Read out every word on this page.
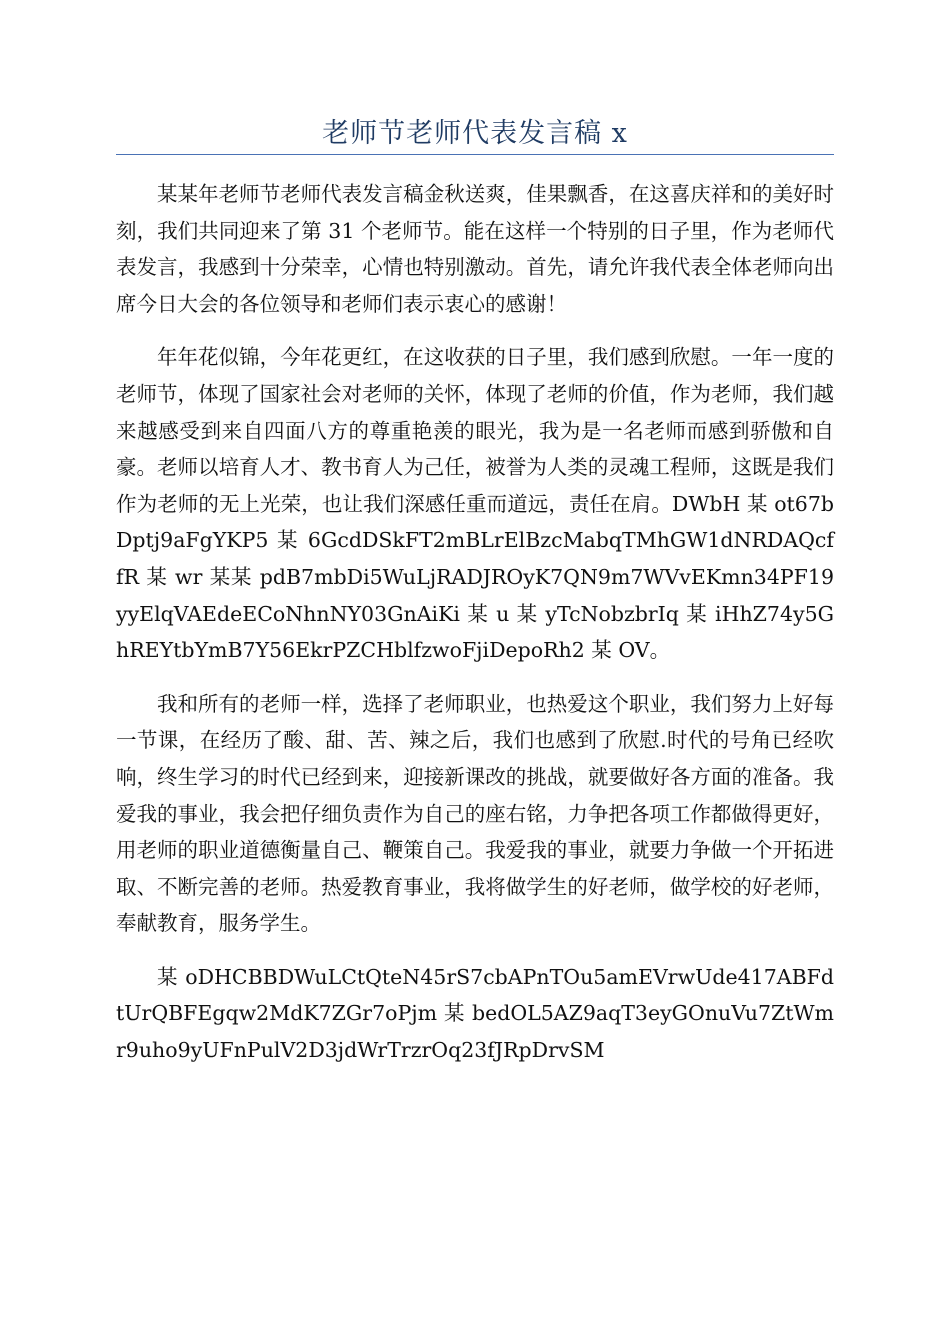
老师节老师代表发言稿 x

某某年老师节老师代表发言稿金秋送爽，佳果飘香，在这喜庆祥和的美好时刻，我们共同迎来了第 31 个老师节。能在这样一个特别的日子里，作为老师代表发言，我感到十分荣幸，心情也特别激动。首先，请允许我代表全体老师向出席今日大会的各位领导和老师们表示衷心的感谢！

年年花似锦，今年花更红，在这收获的日子里，我们感到欣慰。一年一度的老师节，体现了国家社会对老师的关怀，体现了老师的价值，作为老师，我们越来越感受到来自四面八方的尊重艳羡的眼光，我为是一名老师而感到骄傲和自豪。老师以培育人才、教书育人为己任，被誉为人类的灵魂工程师，这既是我们作为老师的无上光荣，也让我们深感任重而道远，责任在肩。DWbH 某 ot67bDptj9aFgYKP5 某 6GcdDSkFT2mBLrElBzcMabqTMhGW1dNRDAQcffR 某 wr 某某 pdB7mbDi5WuLjRADJROyK7QN9m7WVvEKmn34PF19yyElqVAEdeECoNhnNY03GnAiKi 某 u 某 yTcNobzbrIq 某 iHhZ74y5GhREYtbYmB7Y56EkrPZCHblfzwoFjiDepoRh2 某 OV。

我和所有的老师一样，选择了老师职业，也热爱这个职业，我们努力上好每一节课，在经历了酸、甜、苦、辣之后，我们也感到了欣慰.时代的号角已经吹响，终生学习的时代已经到来，迎接新课改的挑战，就要做好各方面的准备。我爱我的事业，我会把仔细负责作为自己的座右铭，力争把各项工作都做得更好，用老师的职业道德衡量自己、鞭策自己。我爱我的事业，就要力争做一个开拓进取、不断完善的老师。热爱教育事业，我将做学生的好老师，做学校的好老师，奉献教育，服务学生。

某 oDHCBBDWuLCtQteN45rS7cbAPnTOu5amEVrwUde417ABFdtUrQBFEgqw2MdK7ZGr7oPjm 某 bedOL5AZ9aqT3eyGOnuVu7ZtWmr9uho9yUFnPulV2D3jdWrTrzrOq23fJRpDrvSM
